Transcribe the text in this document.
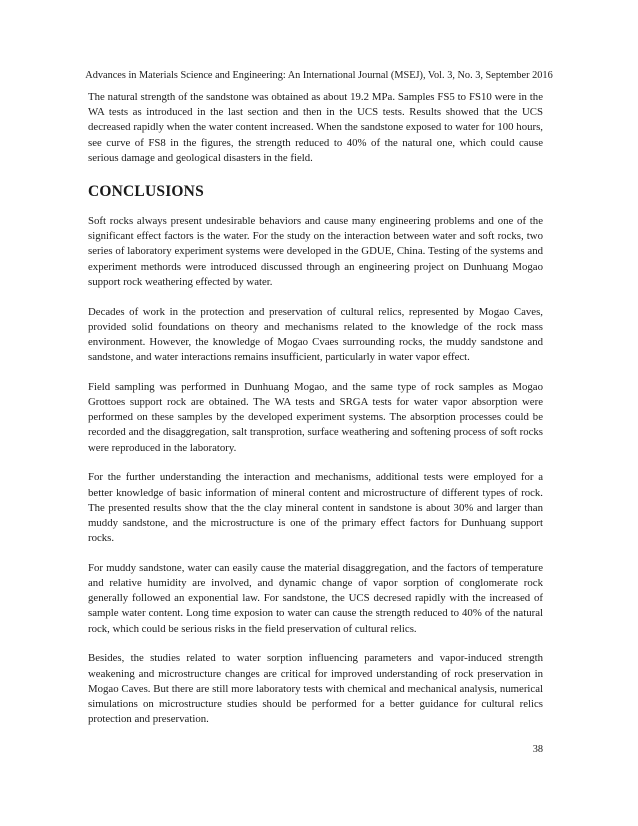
Advances in Materials Science and Engineering: An International Journal (MSEJ), Vol. 3, No. 3, September 2016

The natural strength of the sandstone was obtained as about 19.2 MPa. Samples FS5 to FS10 were in the WA tests as introduced in the last section and then in the UCS tests. Results showed that the UCS decreased rapidly when the water content increased. When the sandstone exposed to water for 100 hours, see curve of FS8 in the figures, the strength reduced to 40% of the natural one, which could cause serious damage and geological disasters in the field.

CONCLUSIONS

Soft rocks always present undesirable behaviors and cause many engineering problems and one of the significant effect factors is the water. For the study on the interaction between water and soft rocks, two series of laboratory experiment systems were developed in the GDUE, China. Testing of the systems and experiment methords were introduced discussed through an engineering project on Dunhuang Mogao support rock weathering effected by water.

Decades of work in the protection and preservation of cultural relics, represented by Mogao Caves, provided solid foundations on theory and mechanisms related to the knowledge of the rock mass environment. However, the knowledge of Mogao Cvaes surrounding rocks, the muddy sandstone and sandstone, and water interactions remains insufficient, particularly in water vapor effect.

Field sampling was performed in Dunhuang Mogao, and the same type of rock samples as Mogao Grottoes support rock are obtained. The WA tests and SRGA tests for water vapor absorption were performed on these samples by the developed experiment systems. The absorption processes could be recorded and the disaggregation, salt transprotion, surface weathering and softening process of soft rocks were reproduced in the laboratory.

For the further understanding the interaction and mechanisms, additional tests were employed for a better knowledge of basic information of mineral content and microstructure of different types of rock. The presented results show that the the clay mineral content in sandstone is about 30% and larger than muddy sandstone, and the microstructure is one of the primary effect factors for Dunhuang support rocks.

For muddy sandstone, water can easily cause the material disaggregation, and the factors of temperature and relative humidity are involved, and dynamic change of vapor sorption of conglomerate rock generally followed an exponential law. For sandstone, the UCS decresed rapidly with the increased of sample water content. Long time exposion to water can cause the strength reduced to 40% of the natural rock, which could be serious risks in the field preservation of cultural relics.

Besides, the studies related to water sorption influencing parameters and vapor-induced strength weakening and microstructure changes are critical for improved understanding of rock preservation in Mogao Caves. But there are still more laboratory tests with chemical and mechanical analysis, numerical simulations on microstructure studies should be performed for a better guidance for cultural relics protection and preservation.

38
